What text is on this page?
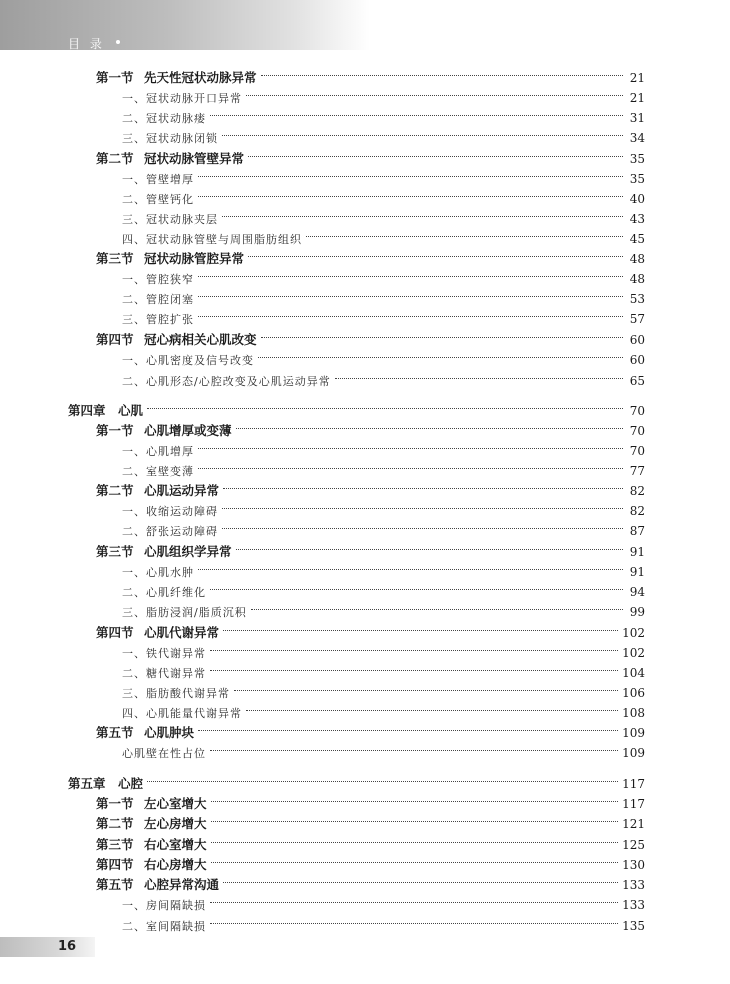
目 录
第一节 先天性冠状动脉异常	21
一、冠状动脉开口异常	21
二、冠状动脉瘘	31
三、冠状动脉闭锁	34
第二节 冠状动脉管壁异常	35
一、管壁增厚	35
二、管壁钙化	40
三、冠状动脉夹层	43
四、冠状动脉管壁与周围脂肪组织	45
第三节 冠状动脉管腔异常	48
一、管腔狭窄	48
二、管腔闭塞	53
三、管腔扩张	57
第四节 冠心病相关心肌改变	60
一、心肌密度及信号改变	60
二、心肌形态/心腔改变及心肌运动异常	65
第四章 心肌	70
第一节 心肌增厚或变薄	70
一、心肌增厚	70
二、室壁变薄	77
第二节 心肌运动异常	82
一、收缩运动障碍	82
二、舒张运动障碍	87
第三节 心肌组织学异常	91
一、心肌水肿	91
二、心肌纤维化	94
三、脂肪浸润/脂质沉积	99
第四节 心肌代谢异常	102
一、铁代谢异常	102
二、糖代谢异常	104
三、脂肪酸代谢异常	106
四、心肌能量代谢异常	108
第五节 心肌肿块	109
心肌壁在性占位	109
第五章 心腔	117
第一节 左心室增大	117
第二节 左心房增大	121
第三节 右心室增大	125
第四节 右心房增大	130
第五节 心腔异常沟通	133
一、房间隔缺损	133
二、室间隔缺损	135
16
